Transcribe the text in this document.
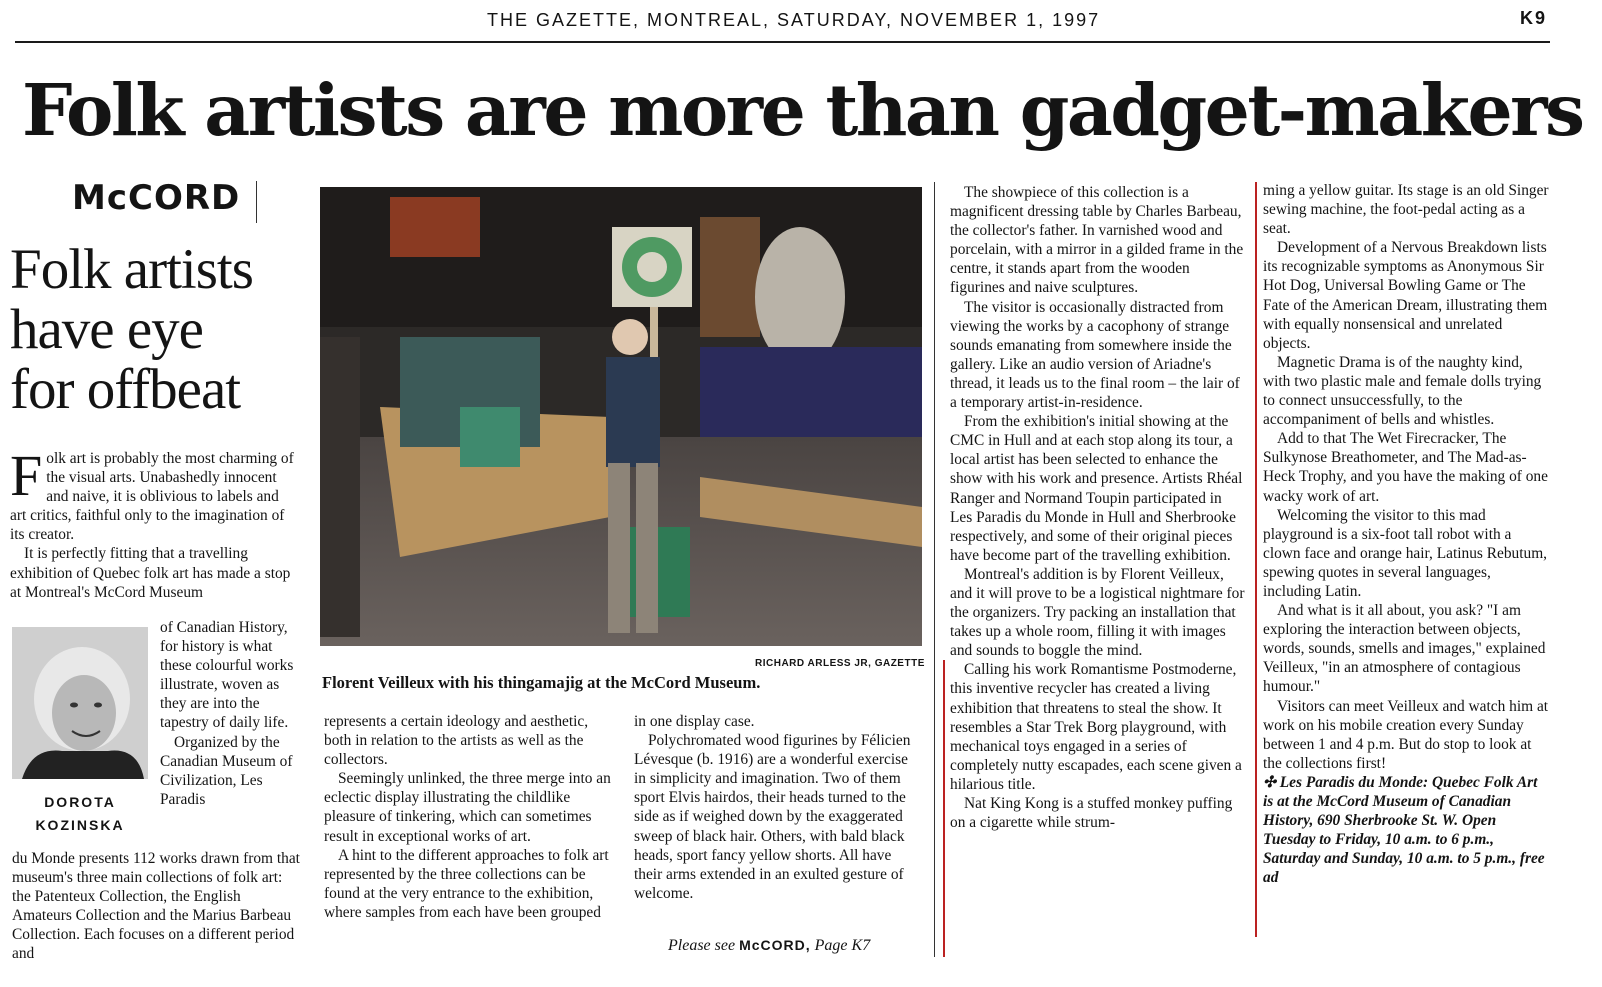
THE GAZETTE, MONTREAL, SATURDAY, NOVEMBER 1, 1997	K9
Folk artists are more than gadget-makers
McCORD
Folk artists
have eye
for offbeat

Folk art is probably the most charming of the visual arts. Unabashedly innocent and naive, it is oblivious to labels and art critics, faithful only to the imagination of its creator.

It is perfectly fitting that a travelling exhibition of Quebec folk art has made a stop at Montreal's McCord Museum

of Canadian History, for history is what these colourful works illustrate, woven as they are into the tapestry of daily life.

Organized by the Canadian Museum of Civilization, Les Paradis

DOROTA
KOZINSKA

du Monde presents 112 works drawn from that museum's three main collections of folk art: the Patenteux Collection, the English Amateurs Collection and the Marius Barbeau Collection. Each focuses on a different period and

RICHARD ARLESS JR, GAZETTE
Florent Veilleux with his thingamajig at the McCord Museum.

represents a certain ideology and aesthetic, both in relation to the artists as well as the collectors.

Seemingly unlinked, the three merge into an eclectic display illustrating the childlike pleasure of tinkering, which can sometimes result in exceptional works of art.

A hint to the different approaches to folk art represented by the three collections can be found at the very entrance to the exhibition, where samples from each have been grouped

in one display case.

Polychromated wood figurines by Félicien Lévesque (b. 1916) are a wonderful exercise in simplicity and imagination. Two of them sport Elvis hairdos, their heads turned to the side as if weighed down by the exaggerated sweep of black hair. Others, with bald black heads, sport fancy yellow shorts. All have their arms extended in an exulted gesture of welcome.

Please see McCORD, Page K7

The showpiece of this collection is a magnificent dressing table by Charles Barbeau, the collector's father. In varnished wood and porcelain, with a mirror in a gilded frame in the centre, it stands apart from the wooden figurines and naive sculptures.

The visitor is occasionally distracted from viewing the works by a cacophony of strange sounds emanating from somewhere inside the gallery. Like an audio version of Ariadne's thread, it leads us to the final room – the lair of a temporary artist-in-residence.

From the exhibition's initial showing at the CMC in Hull and at each stop along its tour, a local artist has been selected to enhance the show with his work and presence. Artists Rhéal Ranger and Normand Toupin participated in Les Paradis du Monde in Hull and Sherbrooke respectively, and some of their original pieces have become part of the travelling exhibition.

Montreal's addition is by Florent Veilleux, and it will prove to be a logistical nightmare for the organizers. Try packing an installation that takes up a whole room, filling it with images and sounds to boggle the mind.

Calling his work Romantisme Postmoderne, this inventive recycler has created a living exhibition that threatens to steal the show. It resembles a Star Trek Borg playground, with mechanical toys engaged in a series of completely nutty escapades, each scene given a hilarious title.

Nat King Kong is a stuffed monkey puffing on a cigarette while strum-

ming a yellow guitar. Its stage is an old Singer sewing machine, the foot-pedal acting as a seat.

Development of a Nervous Breakdown lists its recognizable symptoms as Anonymous Sir Hot Dog, Universal Bowling Game or The Fate of the American Dream, illustrating them with equally nonsensical and unrelated objects.

Magnetic Drama is of the naughty kind, with two plastic male and female dolls trying to connect unsuccessfully, to the accompaniment of bells and whistles.

Add to that The Wet Firecracker, The Sulkynose Breathometer, and The Mad-as-Heck Trophy, and you have the making of one wacky work of art.

Welcoming the visitor to this mad playground is a six-foot tall robot with a clown face and orange hair, Latinus Rebutum, spewing quotes in several languages, including Latin.

And what is it all about, you ask? "I am exploring the interaction between objects, words, sounds, smells and images," explained Veilleux, "in an atmosphere of contagious humour."

Visitors can meet Veilleux and watch him at work on his mobile creation every Sunday between 1 and 4 p.m. But do stop to look at the collections first!

✣ Les Paradis du Monde: Quebec Folk Art is at the McCord Museum of Canadian History, 690 Sherbrooke St. W. Open Tuesday to Friday, 10 a.m. to 6 p.m., Saturday and Sunday, 10 a.m. to 5 p.m., free ad
